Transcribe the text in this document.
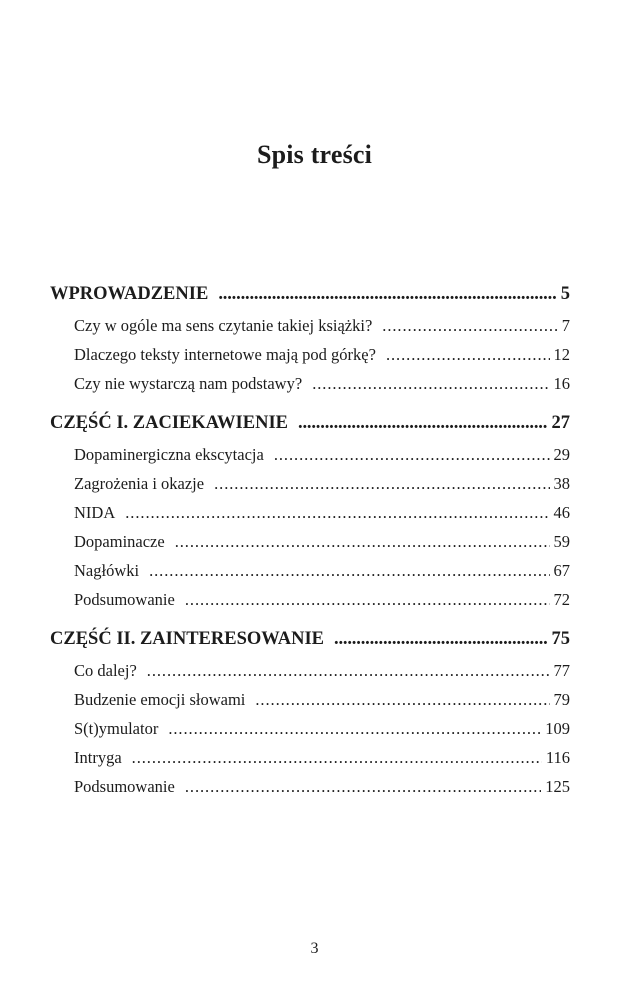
Spis treści
WPROWADZENIE . . .	5
Czy w ogóle ma sens czytanie takiej książki? . . .	7
Dlaczego teksty internetowe mają pod górkę? . . .	12
Czy nie wystarczą nam podstawy? . . .	16
CZĘŚĆ I. ZACIEKAWIENIE . . .	27
Dopaminergiczna ekscytacja . . .	29
Zagrożenia i okazje . . .	38
NIDA . . .	46
Dopaminacze . . .	59
Nagłówki . . .	67
Podsumowanie . . .	72
CZĘŚĆ II. ZAINTERESOWANIE . . .	75
Co dalej? . . .	77
Budzenie emocji słowami . . .	79
S(t)ymulator . . .	109
Intryga . . .	116
Podsumowanie . . .	125
3
